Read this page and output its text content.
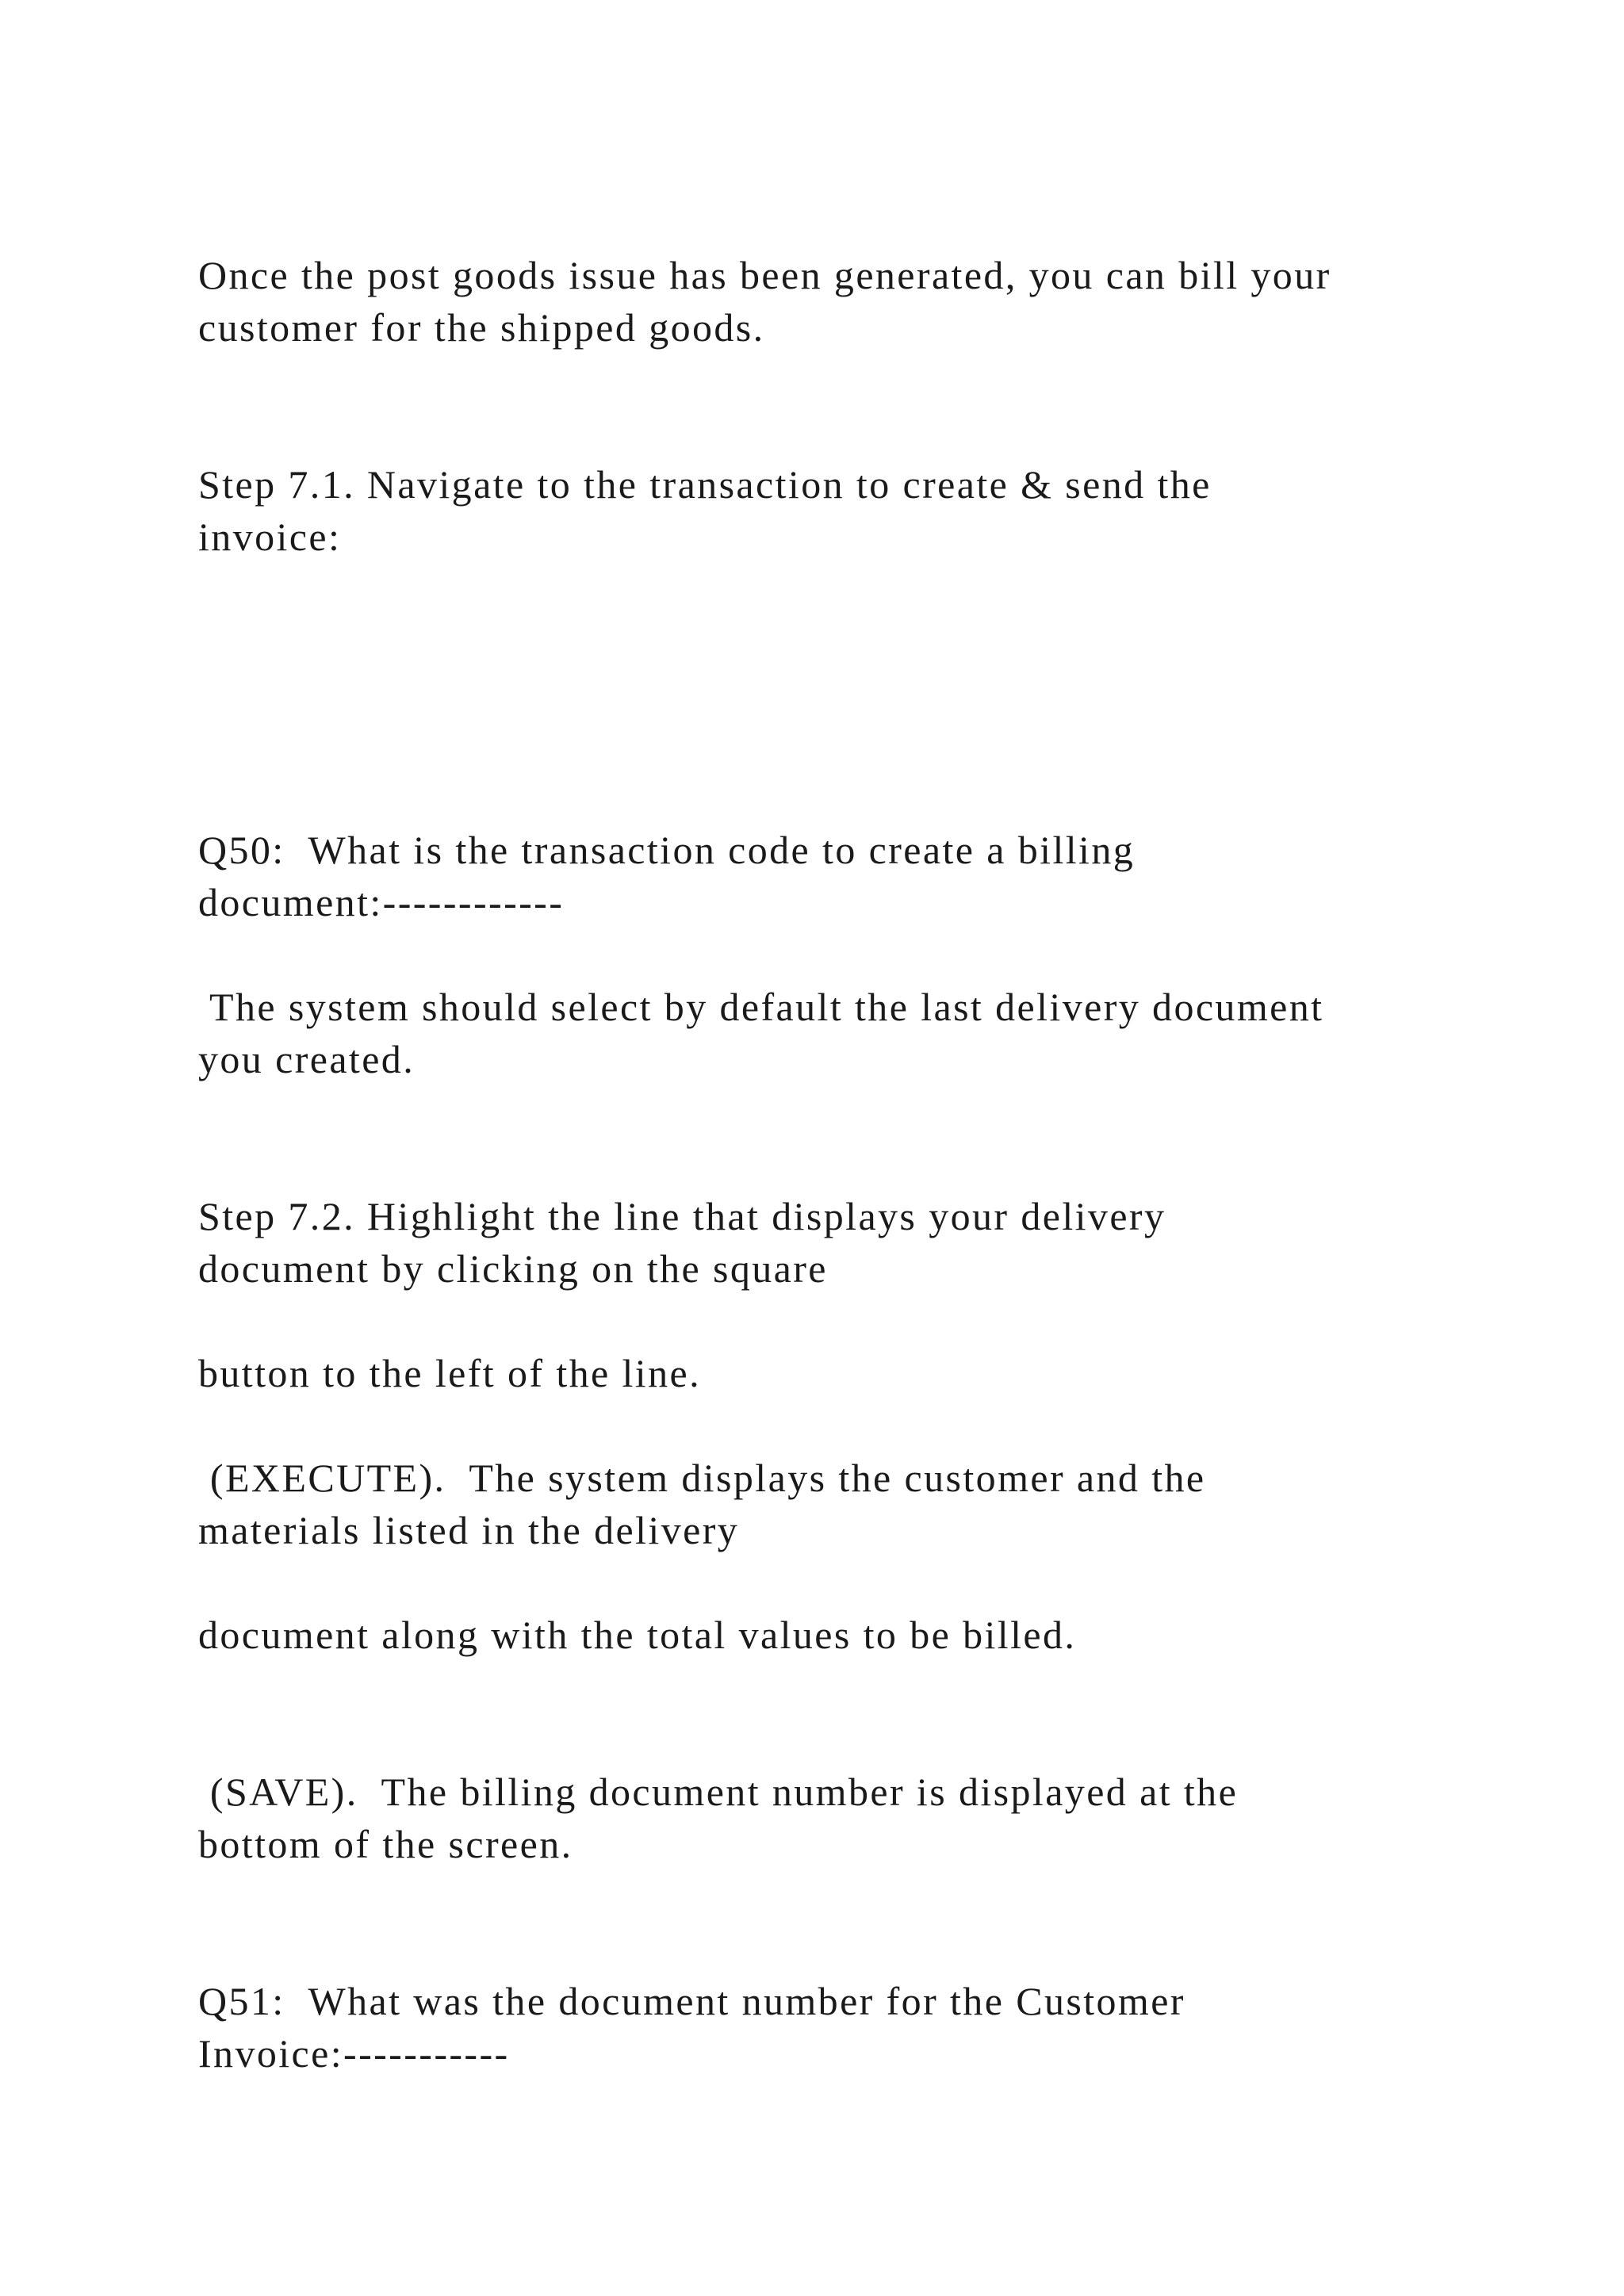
Once the post goods issue has been generated, you can bill your
customer for the shipped goods.

Step 7.1. Navigate to the transaction to create & send the
invoice:

Q50:  What is the transaction code to create a billing
document:------------

The system should select by default the last delivery document
you created.

Step 7.2. Highlight the line that displays your delivery
document by clicking on the square

button to the left of the line.

(EXECUTE).  The system displays the customer and the
materials listed in the delivery

document along with the total values to be billed.

(SAVE).  The billing document number is displayed at the
bottom of the screen.

Q51:  What was the document number for the Customer
Invoice:-----------
